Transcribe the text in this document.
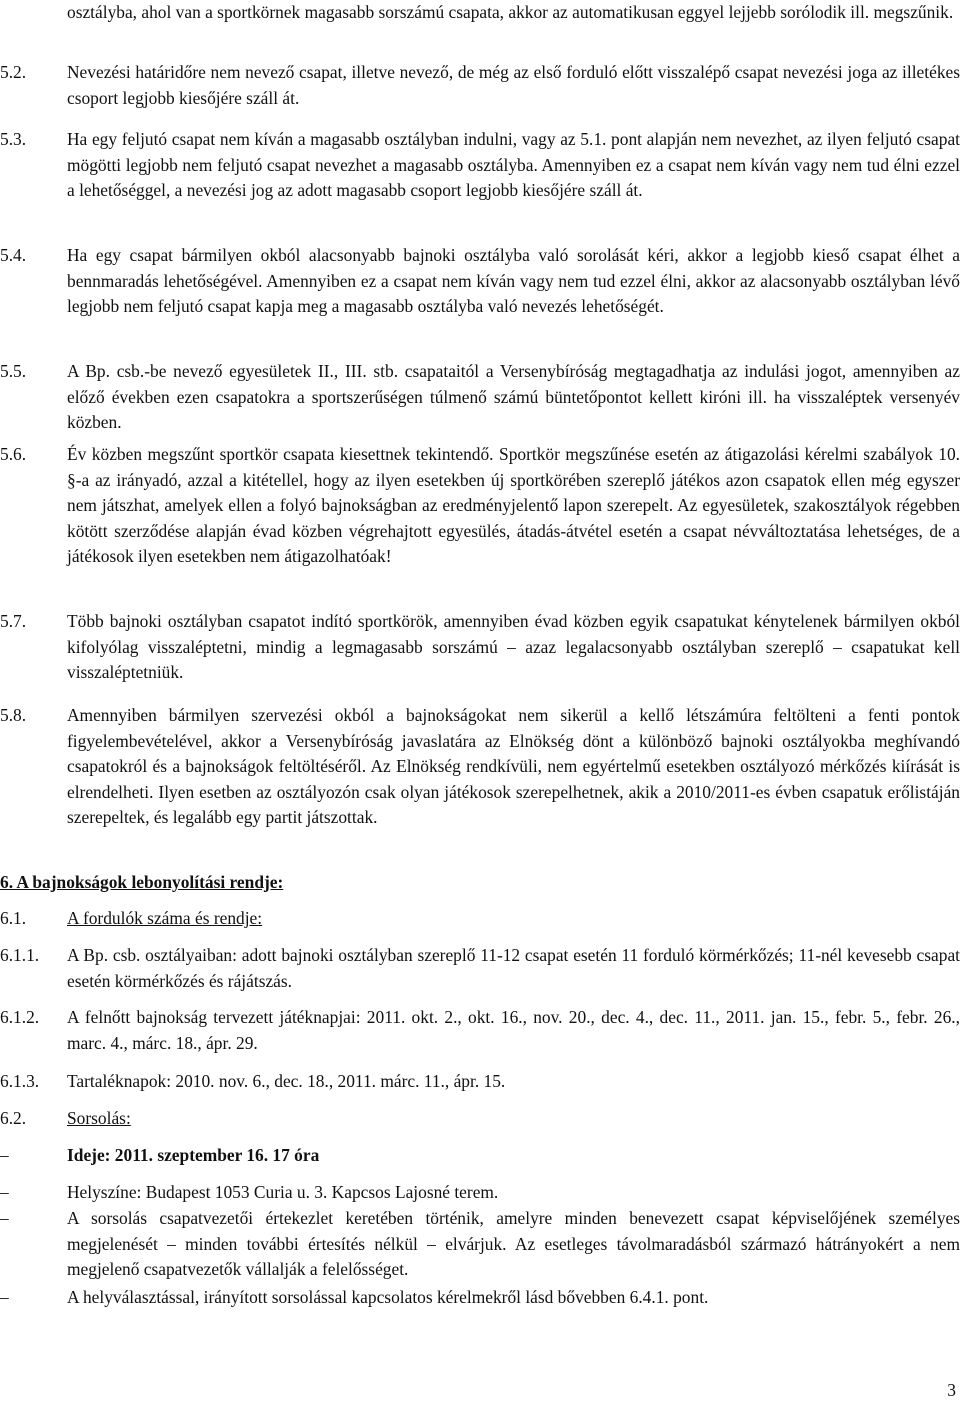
osztályba, ahol van a sportkörnek magasabb sorszámú csapata, akkor az automatikusan eggyel lejjebb sorólodik ill. megszűnik.
5.2. Nevezési határidőre nem nevező csapat, illetve nevező, de még az első forduló előtt visszalépő csapat nevezési joga az illetékes csoport legjobb kiesőjére száll át.
5.3. Ha egy feljutó csapat nem kíván a magasabb osztályban indulni, vagy az 5.1. pont alapján nem nevezhet, az ilyen feljutó csapat mögötti legjobb nem feljutó csapat nevezhet a magasabb osztályba. Amennyiben ez a csapat nem kíván vagy nem tud élni ezzel a lehetőséggel, a nevezési jog az adott magasabb csoport legjobb kiesőjére száll át.
5.4. Ha egy csapat bármilyen okból alacsonyabb bajnoki osztályba való sorolását kéri, akkor a legjobb kieső csapat élhet a bennmaradás lehetőségével. Amennyiben ez a csapat nem kíván vagy nem tud ezzel élni, akkor az alacsonyabb osztályban lévő legjobb nem feljutó csapat kapja meg a magasabb osztályba való nevezés lehetőségét.
5.5. A Bp. csb.-be nevező egyesületek II., III. stb. csapataitól a Versenybíróság megtagadhatja az indulási jogot, amennyiben az előző években ezen csapatokra a sportszerűségen túlmenő számú büntetőpontot kellett kiróni ill. ha visszaléptek versenyév közben.
5.6. Év közben megszűnt sportkör csapata kiesettnek tekintendő. Sportkör megszűnése esetén az átigazolási kérelmi szabályok 10. §-a az irányadó, azzal a kitétellel, hogy az ilyen esetekben új sportkörében szereplő játékos azon csapatok ellen még egyszer nem játszhat, amelyek ellen a folyó bajnokságban az eredményjelentő lapon szerepelt. Az egyesületek, szakosztályok régebben kötött szerződése alapján évad közben végrehajtott egyesülés, átadás-átvétel esetén a csapat névváltoztatása lehetséges, de a játékosok ilyen esetekben nem átigazolhatóak!
5.7. Több bajnoki osztályban csapatot indító sportkörök, amennyiben évad közben egyik csapatukat kénytelenek bármilyen okból kifolyólag visszaléptetni, mindig a legmagasabb sorszámú – azaz legalacsonyabb osztályban szereplő – csapatukat kell visszaléptetniük.
5.8. Amennyiben bármilyen szervezési okból a bajnokságokat nem sikerül a kellő létszámúra feltölteni a fenti pontok figyelembevételével, akkor a Versenybíróság javaslatára az Elnökség dönt a különböző bajnoki osztályokba meghívandó csapatokról és a bajnokságok feltöltéséről. Az Elnökség rendkívüli, nem egyértelmű esetekben osztályozó mérkőzés kiírását is elrendelheti. Ilyen esetben az osztályozón csak olyan játékosok szerepelhetnek, akik a 2010/2011-es évben csapatuk erőlistáján szerepeltek, és legalább egy partit játszottak.
6. A bajnokságok lebonyolítási rendje:
6.1. A fordulók száma és rendje:
6.1.1. A Bp. csb. osztályaiban: adott bajnoki osztályban szereplő 11-12 csapat esetén 11 forduló körmérkőzés; 11-nél kevesebb csapat esetén körmérkőzés és rájátszás.
6.1.2. A felnőtt bajnokság tervezett játéknapjai: 2011. okt. 2., okt. 16., nov. 20., dec. 4., dec. 11., 2011. jan. 15., febr. 5., febr. 26., marc. 4., márc. 18., ápr. 29.
6.1.3. Tartaléknapok: 2010. nov. 6., dec. 18., 2011. márc. 11., ápr. 15.
6.2. Sorsolás:
–	Ideje: 2011. szeptember 16. 17 óra
–	Helyszíne: Budapest 1053 Curia u. 3. Kapcsos Lajosné terem.
–	A sorsolás csapatvezetői értekezlet keretében történik, amelyre minden benevezett csapat képviselőjének személyes megjelenését – minden további értesítés nélkül – elvárjuk. Az esetleges távolmaradásból származó hátrányokért a nem megjelenő csapatvezetők vállalják a felelősséget.
–	A helyválasztással, irányított sorsolással kapcsolatos kérelmekről lásd bővebben 6.4.1. pont.
3
